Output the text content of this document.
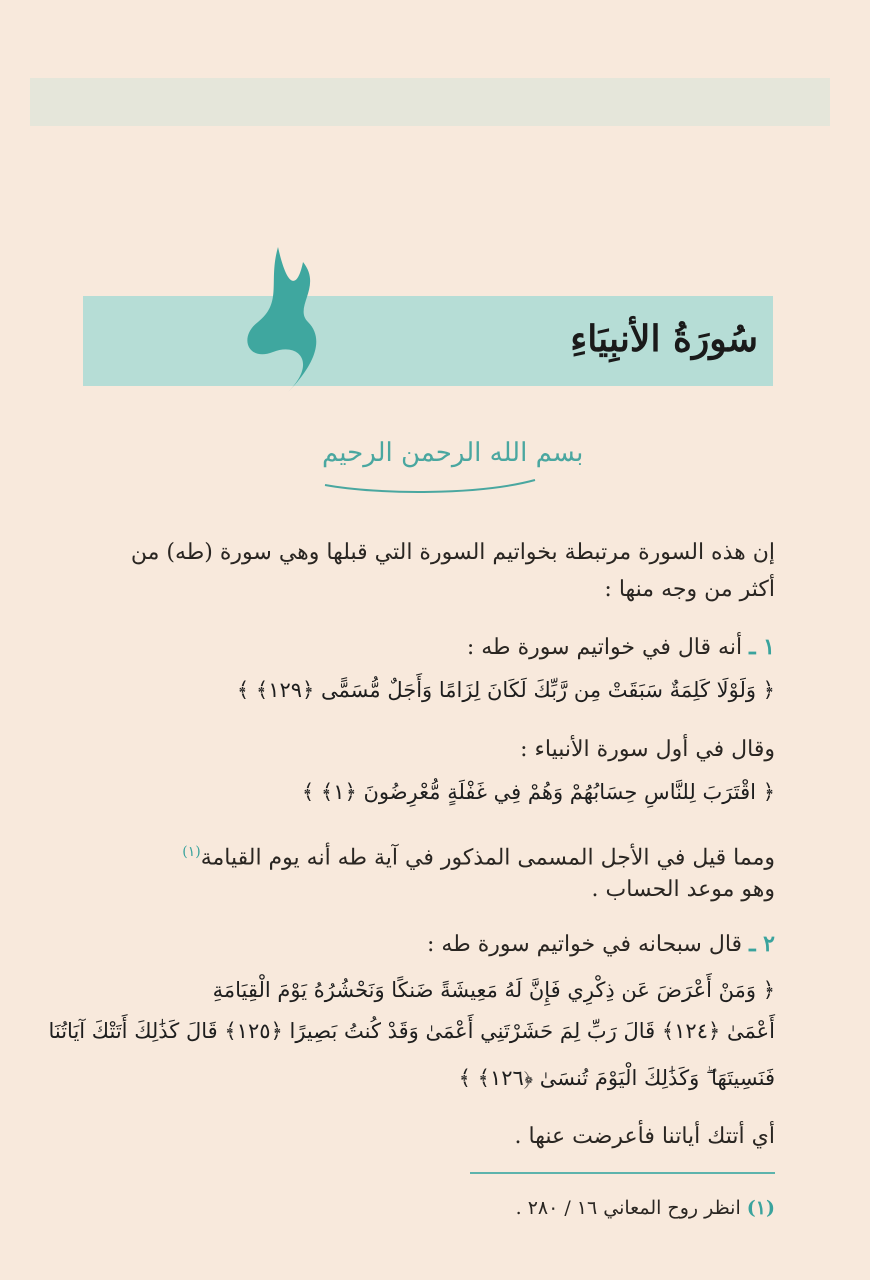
سُورَةُ الأنبِيَاءِ

بسم الله الرحمن الرحيم

إن هذه السورة مرتبطة بخواتيم السورة التي قبلها وهي سورة (طه) من

أكثر من وجه منها :

١ ـ أنه قال في خواتيم سورة طه :

﴿ وَلَوْلَا كَلِمَةٌ سَبَقَتْ مِن رَّبِّكَ لَكَانَ لِزَامًا وَأَجَلٌ مُّسَمًّى ﴿١٢٩﴾ ﴾

وقال في أول سورة الأنبياء :

﴿ اقْتَرَبَ لِلنَّاسِ حِسَابُهُمْ وَهُمْ فِي غَفْلَةٍ مُّعْرِضُونَ ﴿١﴾ ﴾

ومما قيل في الأجل المسمى المذكور في آية طه أنه يوم القيامة$^{(١)}$

وهو موعد الحساب .

٢ ـ قال سبحانه في خواتيم سورة طه :

﴿ وَمَنْ أَعْرَضَ عَن ذِكْرِي فَإِنَّ لَهُ مَعِيشَةً ضَنكًا وَنَحْشُرُهُ يَوْمَ الْقِيَامَةِ

أَعْمَىٰ ﴿١٢٤﴾ قَالَ رَبِّ لِمَ حَشَرْتَنِي أَعْمَىٰ وَقَدْ كُنتُ بَصِيرًا ﴿١٢٥﴾ قَالَ كَذَٰلِكَ أَتَتْكَ آيَاتُنَا

فَنَسِيتَهَا ۖ وَكَذَٰلِكَ الْيَوْمَ تُنسَىٰ ﴿١٢٦﴾ ﴾

أي أتتك أياتنا فأعرضت عنها .

(١) انظر روح المعاني ١٦ / ٢٨٠ .
